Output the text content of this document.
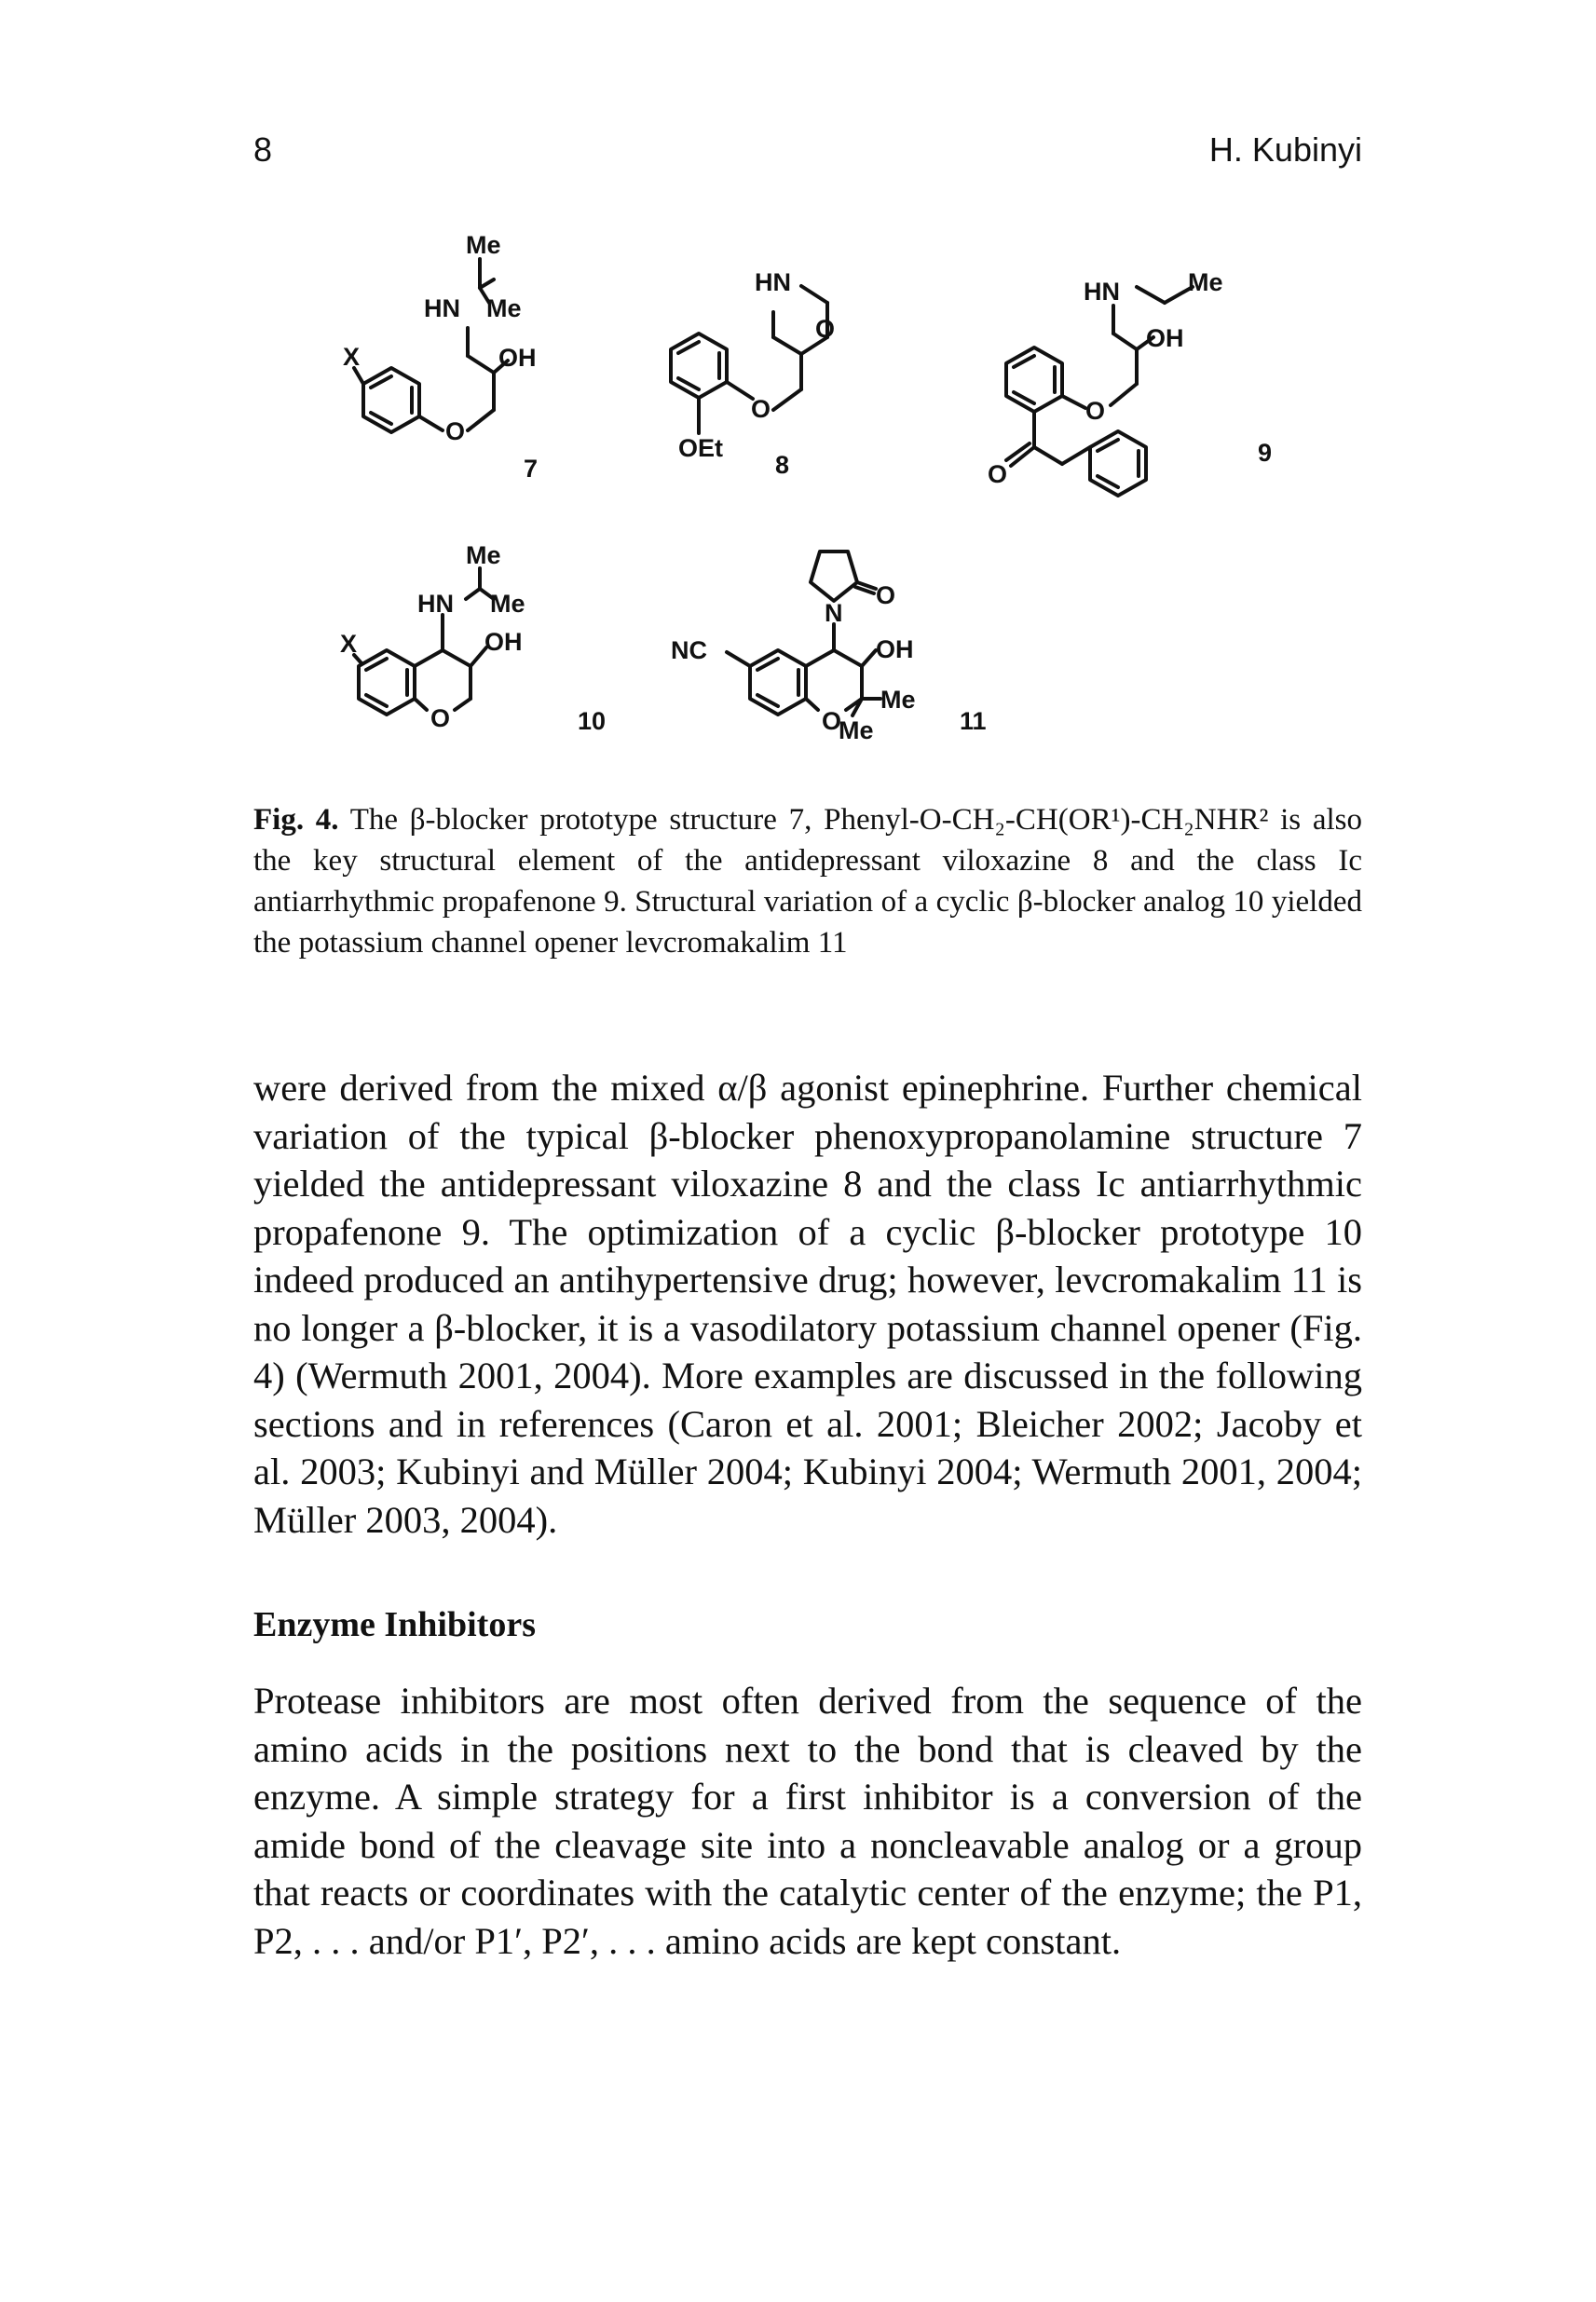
8	H. Kubinyi
Me
HN Me
OH
X
O
7
HN
O
O
OEt
8
HN	Me
OH
O
O
9
Me
HN Me
OH
X
O	10
NC
N
O
OH
Me
Me
O	11
Fig. 4. The β-blocker prototype structure 7, Phenyl-O-CH₂-CH(OR¹)-CH₂NHR² is also the key structural element of the antidepressant viloxazine 8 and the class Ic antiarrhythmic propafenone 9. Structural variation of a cyclic β-blocker analog 10 yielded the potassium channel opener levcromakalim 11

were derived from the mixed α/β agonist epinephrine. Further chemical variation of the typical β-blocker phenoxypropanolamine structure 7 yielded the antidepressant viloxazine 8 and the class Ic antiarrhythmic propafenone 9. The optimization of a cyclic β-blocker prototype 10 indeed produced an antihypertensive drug; however, levcromakalim 11 is no longer a β-blocker, it is a vasodilatory potassium channel opener (Fig. 4) (Wermuth 2001, 2004). More examples are discussed in the following sections and in references (Caron et al. 2001; Bleicher 2002; Jacoby et al. 2003; Kubinyi and Müller 2004; Kubinyi 2004; Wermuth 2001, 2004; Müller 2003, 2004).

Enzyme Inhibitors

Protease inhibitors are most often derived from the sequence of the amino acids in the positions next to the bond that is cleaved by the enzyme. A simple strategy for a first inhibitor is a conversion of the amide bond of the cleavage site into a noncleavable analog or a group that reacts or coordinates with the catalytic center of the enzyme; the P1, P2, . . . and/or P1′, P2′, . . . amino acids are kept constant.
